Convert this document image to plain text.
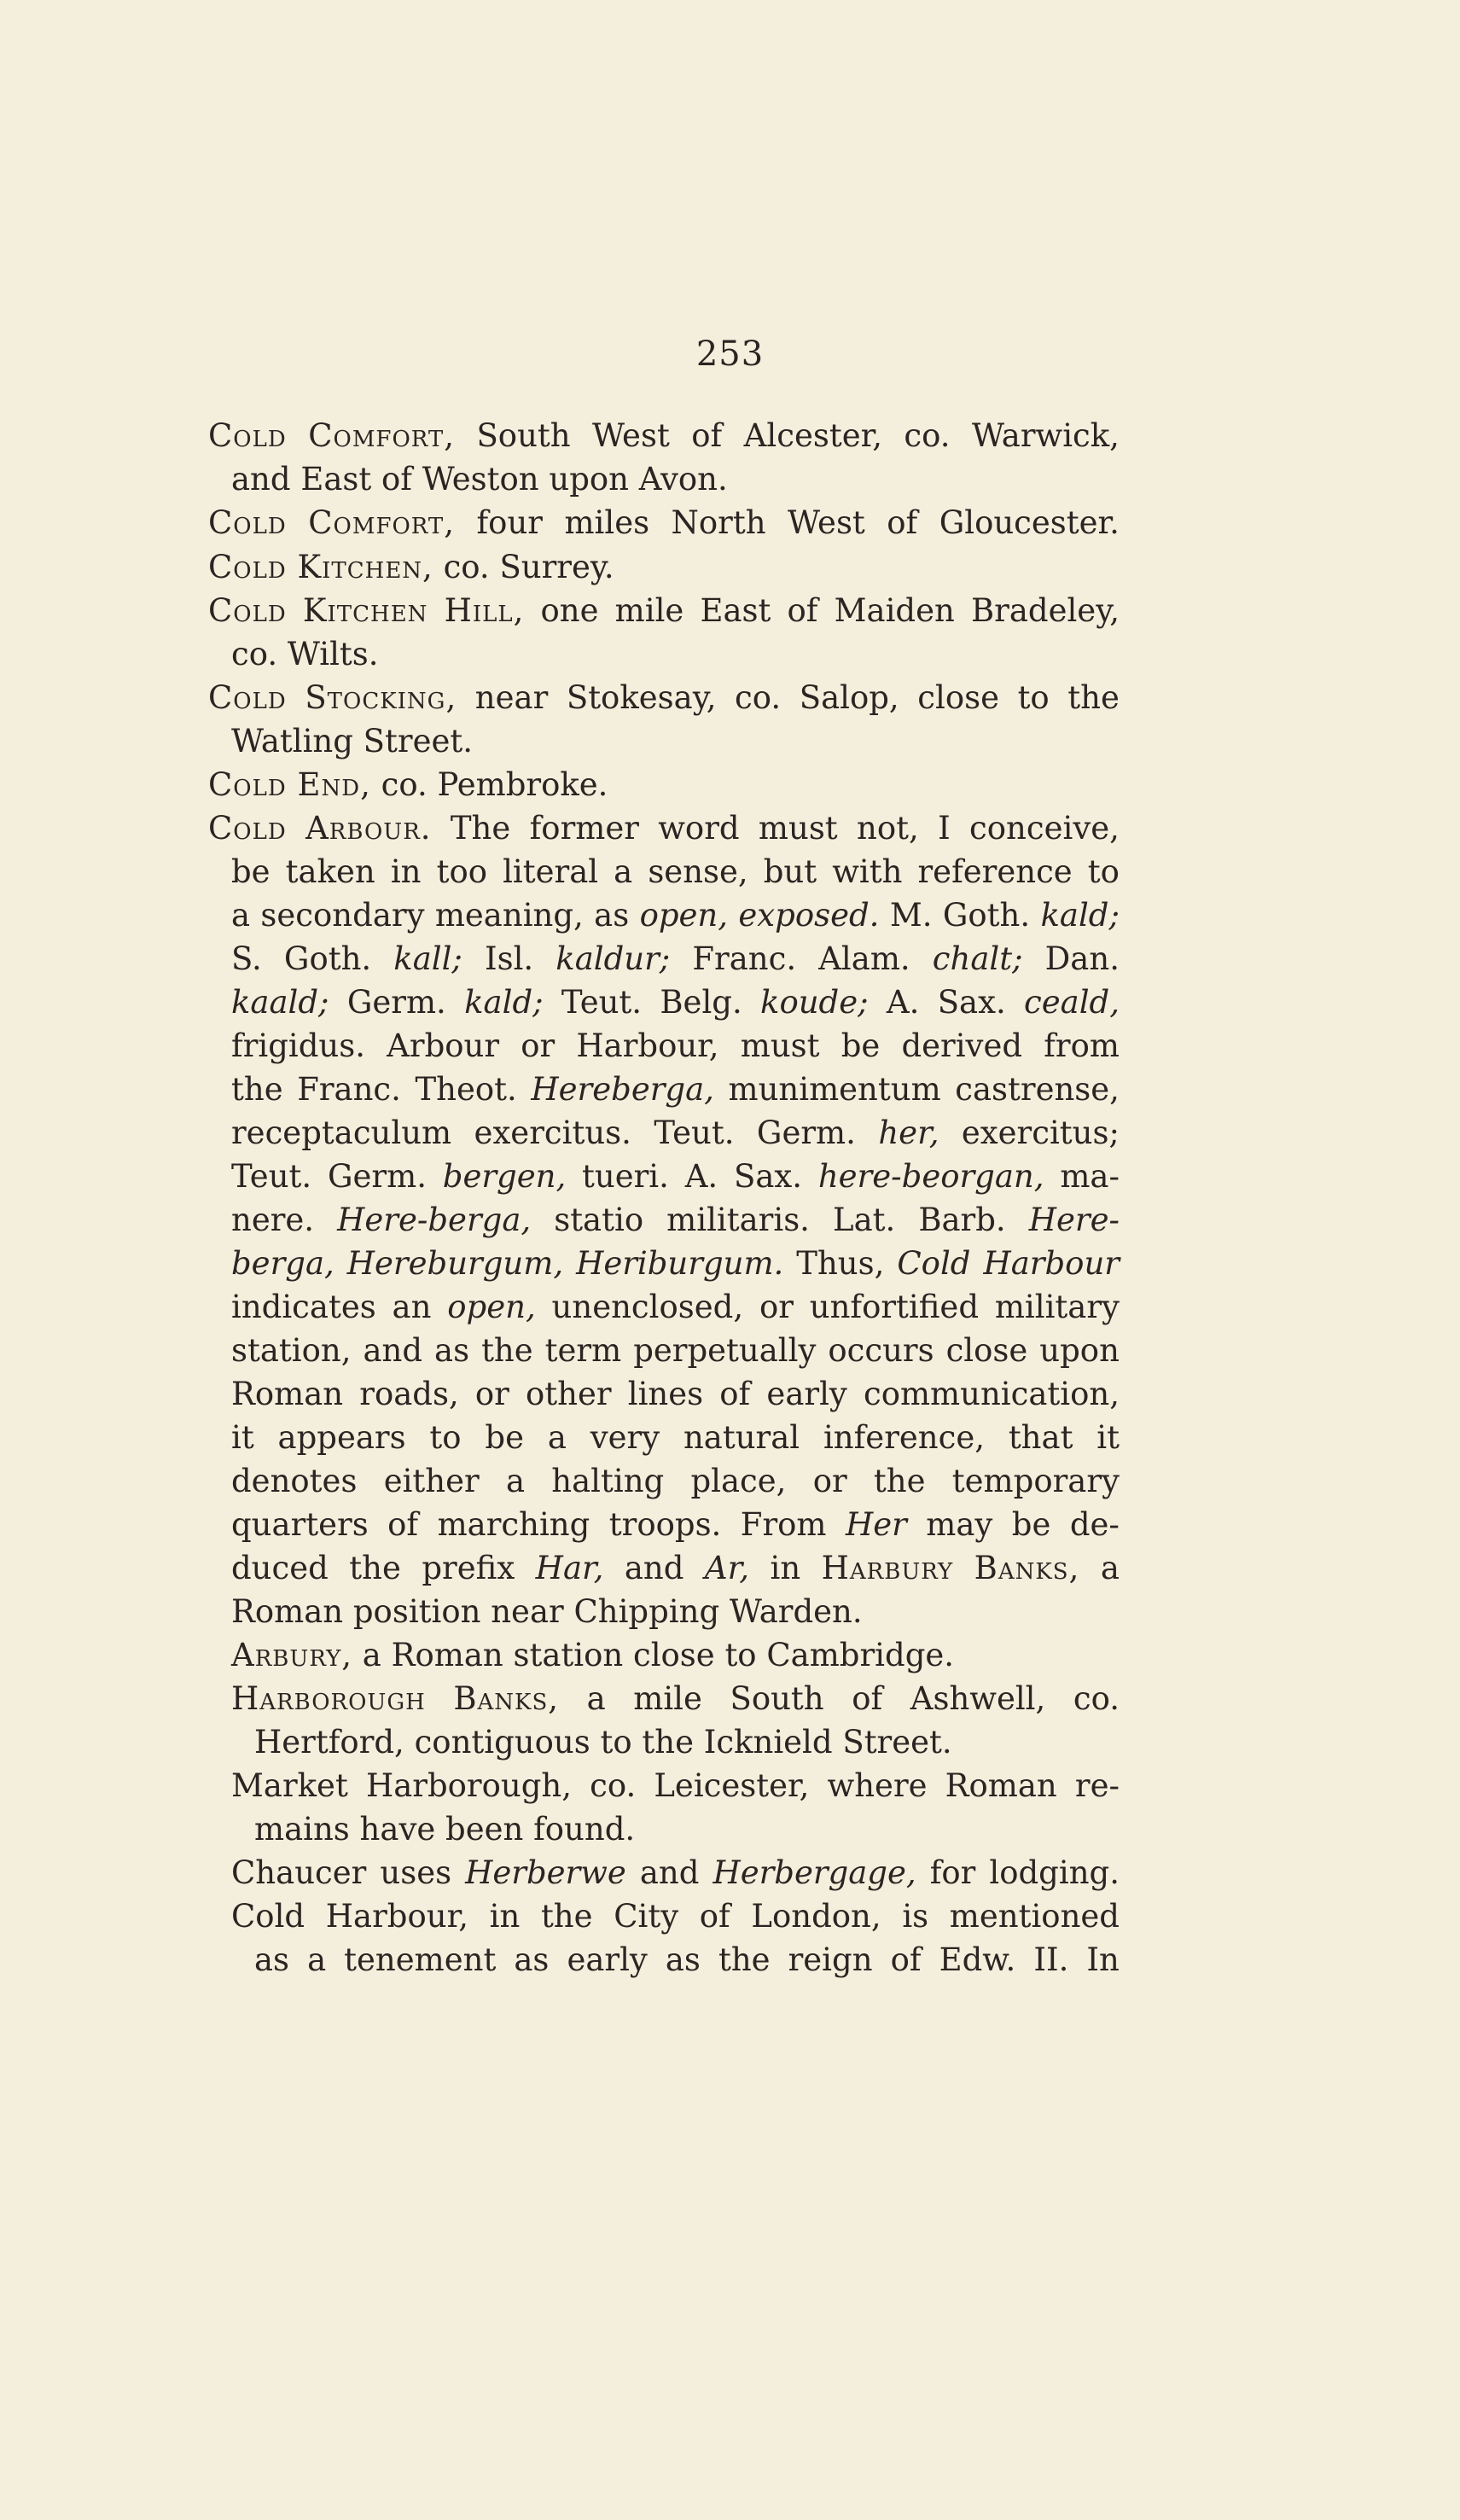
253
Cold Comfort, South West of Alcester, co. Warwick,
and East of Weston upon Avon.
Cold Comfort, four miles North West of Gloucester.
Cold Kitchen, co. Surrey.
Cold Kitchen Hill, one mile East of Maiden Bradeley,
co. Wilts.
Cold Stocking, near Stokesay, co. Salop, close to the
Watling Street.
Cold End, co. Pembroke.
Cold Arbour. The former word must not, I conceive,
be taken in too literal a sense, but with reference to
a secondary meaning, as open, exposed. M. Goth. kald;
S. Goth. kall; Isl. kaldur; Franc. Alam. chalt; Dan.
kaald; Germ. kald; Teut. Belg. koude; A. Sax. ceald,
frigidus. Arbour or Harbour, must be derived from
the Franc. Theot. Hereberga, munimentum castrense,
receptaculum exercitus. Teut. Germ. her, exercitus;
Teut. Germ. bergen, tueri. A. Sax. here-beorgan, ma-
nere. Here-berga, statio militaris. Lat. Barb. Here-
berga, Hereburgum, Heriburgum. Thus, Cold Harbour
indicates an open, unenclosed, or unfortified military
station, and as the term perpetually occurs close upon
Roman roads, or other lines of early communication,
it appears to be a very natural inference, that it
denotes either a halting place, or the temporary
quarters of marching troops. From Her may be de-
duced the prefix Har, and Ar, in Harbury Banks, a
Roman position near Chipping Warden.
Arbury, a Roman station close to Cambridge.
Harborough Banks, a mile South of Ashwell, co.
Hertford, contiguous to the Icknield Street.
Market Harborough, co. Leicester, where Roman re-
mains have been found.
Chaucer uses Herberwe and Herbergage, for lodging.
Cold Harbour, in the City of London, is mentioned
as a tenement as early as the reign of Edw. II. In
